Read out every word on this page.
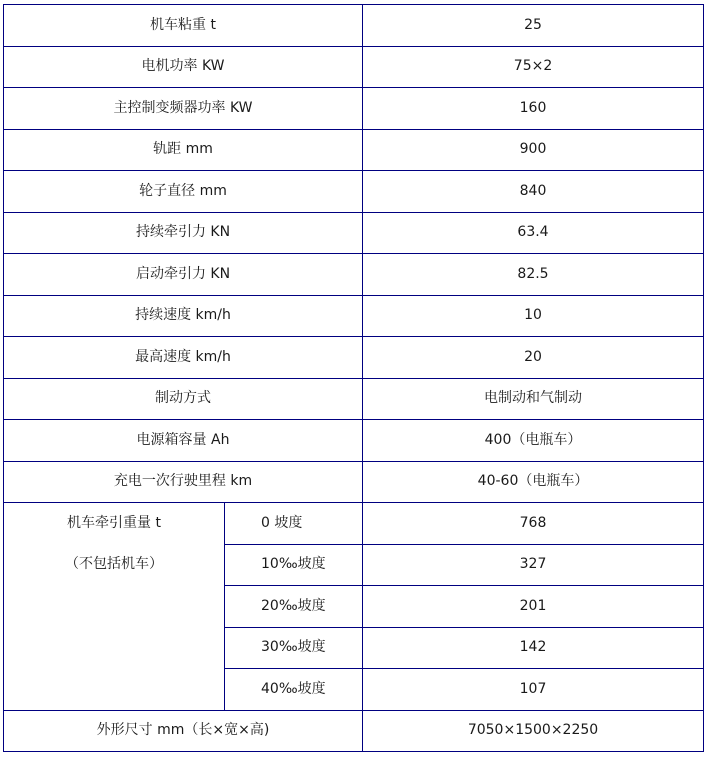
机车粘重 t		25
电机功率 KW		75×2
主控制变频器功率 KW		160
轨距 mm		900
轮子直径 mm		840
持续牵引力 KN		63.4
启动牵引力 KN		82.5
持续速度 km/h		10
最高速度 km/h		20
制动方式		电制动和气制动
电源箱容量 Ah		400（电瓶车）
充电一次行驶里程 km		40-60（电瓶车）

机车牵引重量 t
（不包括机车）	0 坡度	768
	10‰坡度	327
	20‰坡度	201
	30‰坡度	142
	40‰坡度	107
外形尺寸 mm（长×宽×高)		7050×1500×2250
